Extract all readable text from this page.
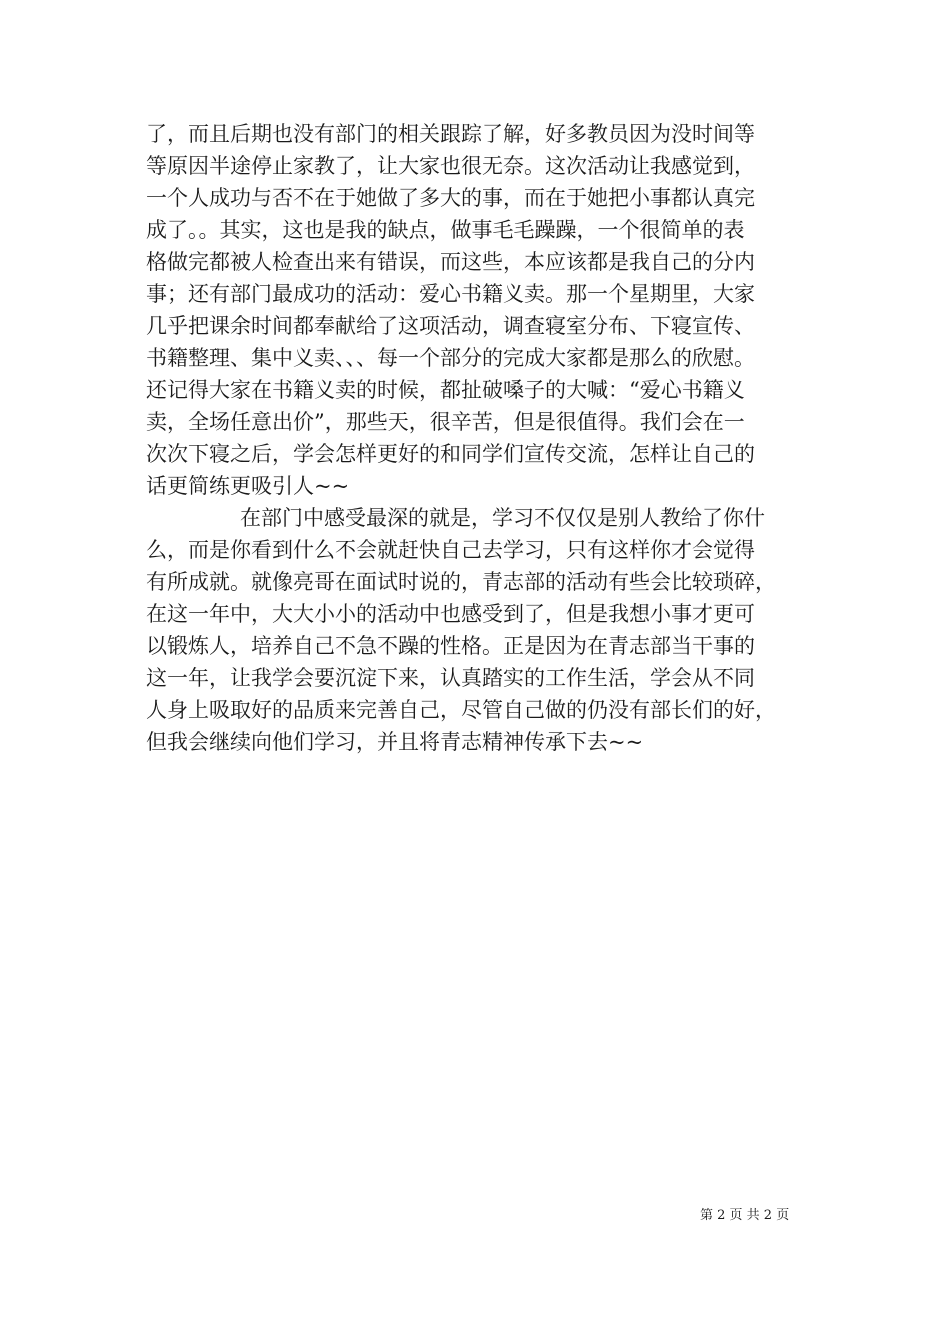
了，而且后期也没有部门的相关跟踪了解，好多教员因为没时间等
等原因半途停止家教了，让大家也很无奈。这次活动让我感觉到，
一个人成功与否不在于她做了多大的事，而在于她把小事都认真完
成了。。其实，这也是我的缺点，做事毛毛躁躁，一个很简单的表
格做完都被人检查出来有错误，而这些，本应该都是我自己的分内
事；还有部门最成功的活动：爱心书籍义卖。那一个星期里，大家
几乎把课余时间都奉献给了这项活动，调查寝室分布、下寝宣传、
书籍整理、集中义卖、、、每一个部分的完成大家都是那么的欣慰。
还记得大家在书籍义卖的时候，都扯破嗓子的大喊：“爱心书籍义
卖，全场任意出价”，那些天，很辛苦，但是很值得。我们会在一
次次下寝之后，学会怎样更好的和同学们宣传交流，怎样让自己的
话更简练更吸引人~~
在部门中感受最深的就是，学习不仅仅是别人教给了你什
么，而是你看到什么不会就赶快自己去学习，只有这样你才会觉得
有所成就。就像亮哥在面试时说的，青志部的活动有些会比较琐碎，
在这一年中，大大小小的活动中也感受到了，但是我想小事才更可
以锻炼人，培养自己不急不躁的性格。正是因为在青志部当干事的
这一年，让我学会要沉淀下来，认真踏实的工作生活，学会从不同
人身上吸取好的品质来完善自己，尽管自己做的仍没有部长们的好，
但我会继续向他们学习，并且将青志精神传承下去~~
第 2 页 共 2 页
